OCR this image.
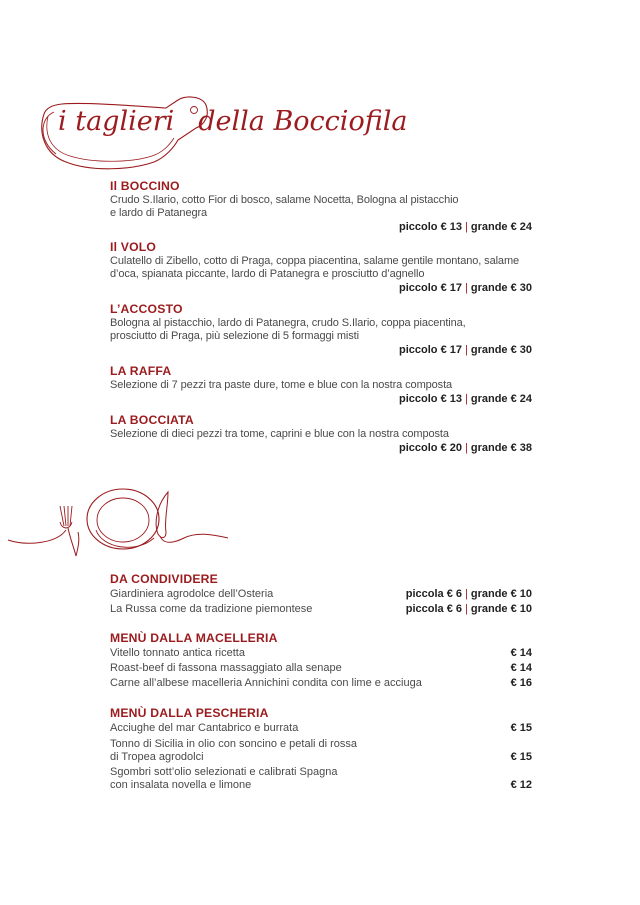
i taglieri della Bocciofila
Il BOCCINO
Crudo S.Ilario, cotto Fior di bosco, salame Nocetta, Bologna al pistacchio
e lardo di Patanegra
piccolo € 13 | grande € 24
Il VOLO
Culatello di Zibello, cotto di Praga, coppa piacentina, salame gentile montano, salame
d’oca, spianata piccante, lardo di Patanegra e prosciutto d’agnello
piccolo € 17 | grande € 30
L’ACCOSTO
Bologna al pistacchio, lardo di Patanegra, crudo S.Ilario, coppa piacentina,
prosciutto di Praga, più selezione di 5 formaggi misti
piccolo € 17 | grande € 30
LA RAFFA
Selezione di 7 pezzi tra paste dure, tome e blue con la nostra composta
piccolo € 13 | grande € 24
LA BOCCIATA
Selezione di dieci pezzi tra tome, caprini e blue con la nostra composta
piccolo € 20 | grande € 38
DA CONDIVIDERE
Giardiniera agrodolce dell’Osteria	piccola € 6 | grande € 10
La Russa come da tradizione piemontese	piccola € 6 | grande € 10
MENÙ DALLA MACELLERIA
Vitello tonnato antica ricetta	€ 14
Roast-beef di fassona massaggiato alla senape	€ 14
Carne all’albese macelleria Annichini condita con lime e acciuga	€ 16
MENÙ DALLA PESCHERIA
Acciughe del mar Cantabrico e burrata	€ 15
Tonno di Sicilia in olio con soncino e petali di rossa
di Tropea agrodolci	€ 15
Sgombri sott’olio selezionati e calibrati Spagna
con insalata novella e limone	€ 12
